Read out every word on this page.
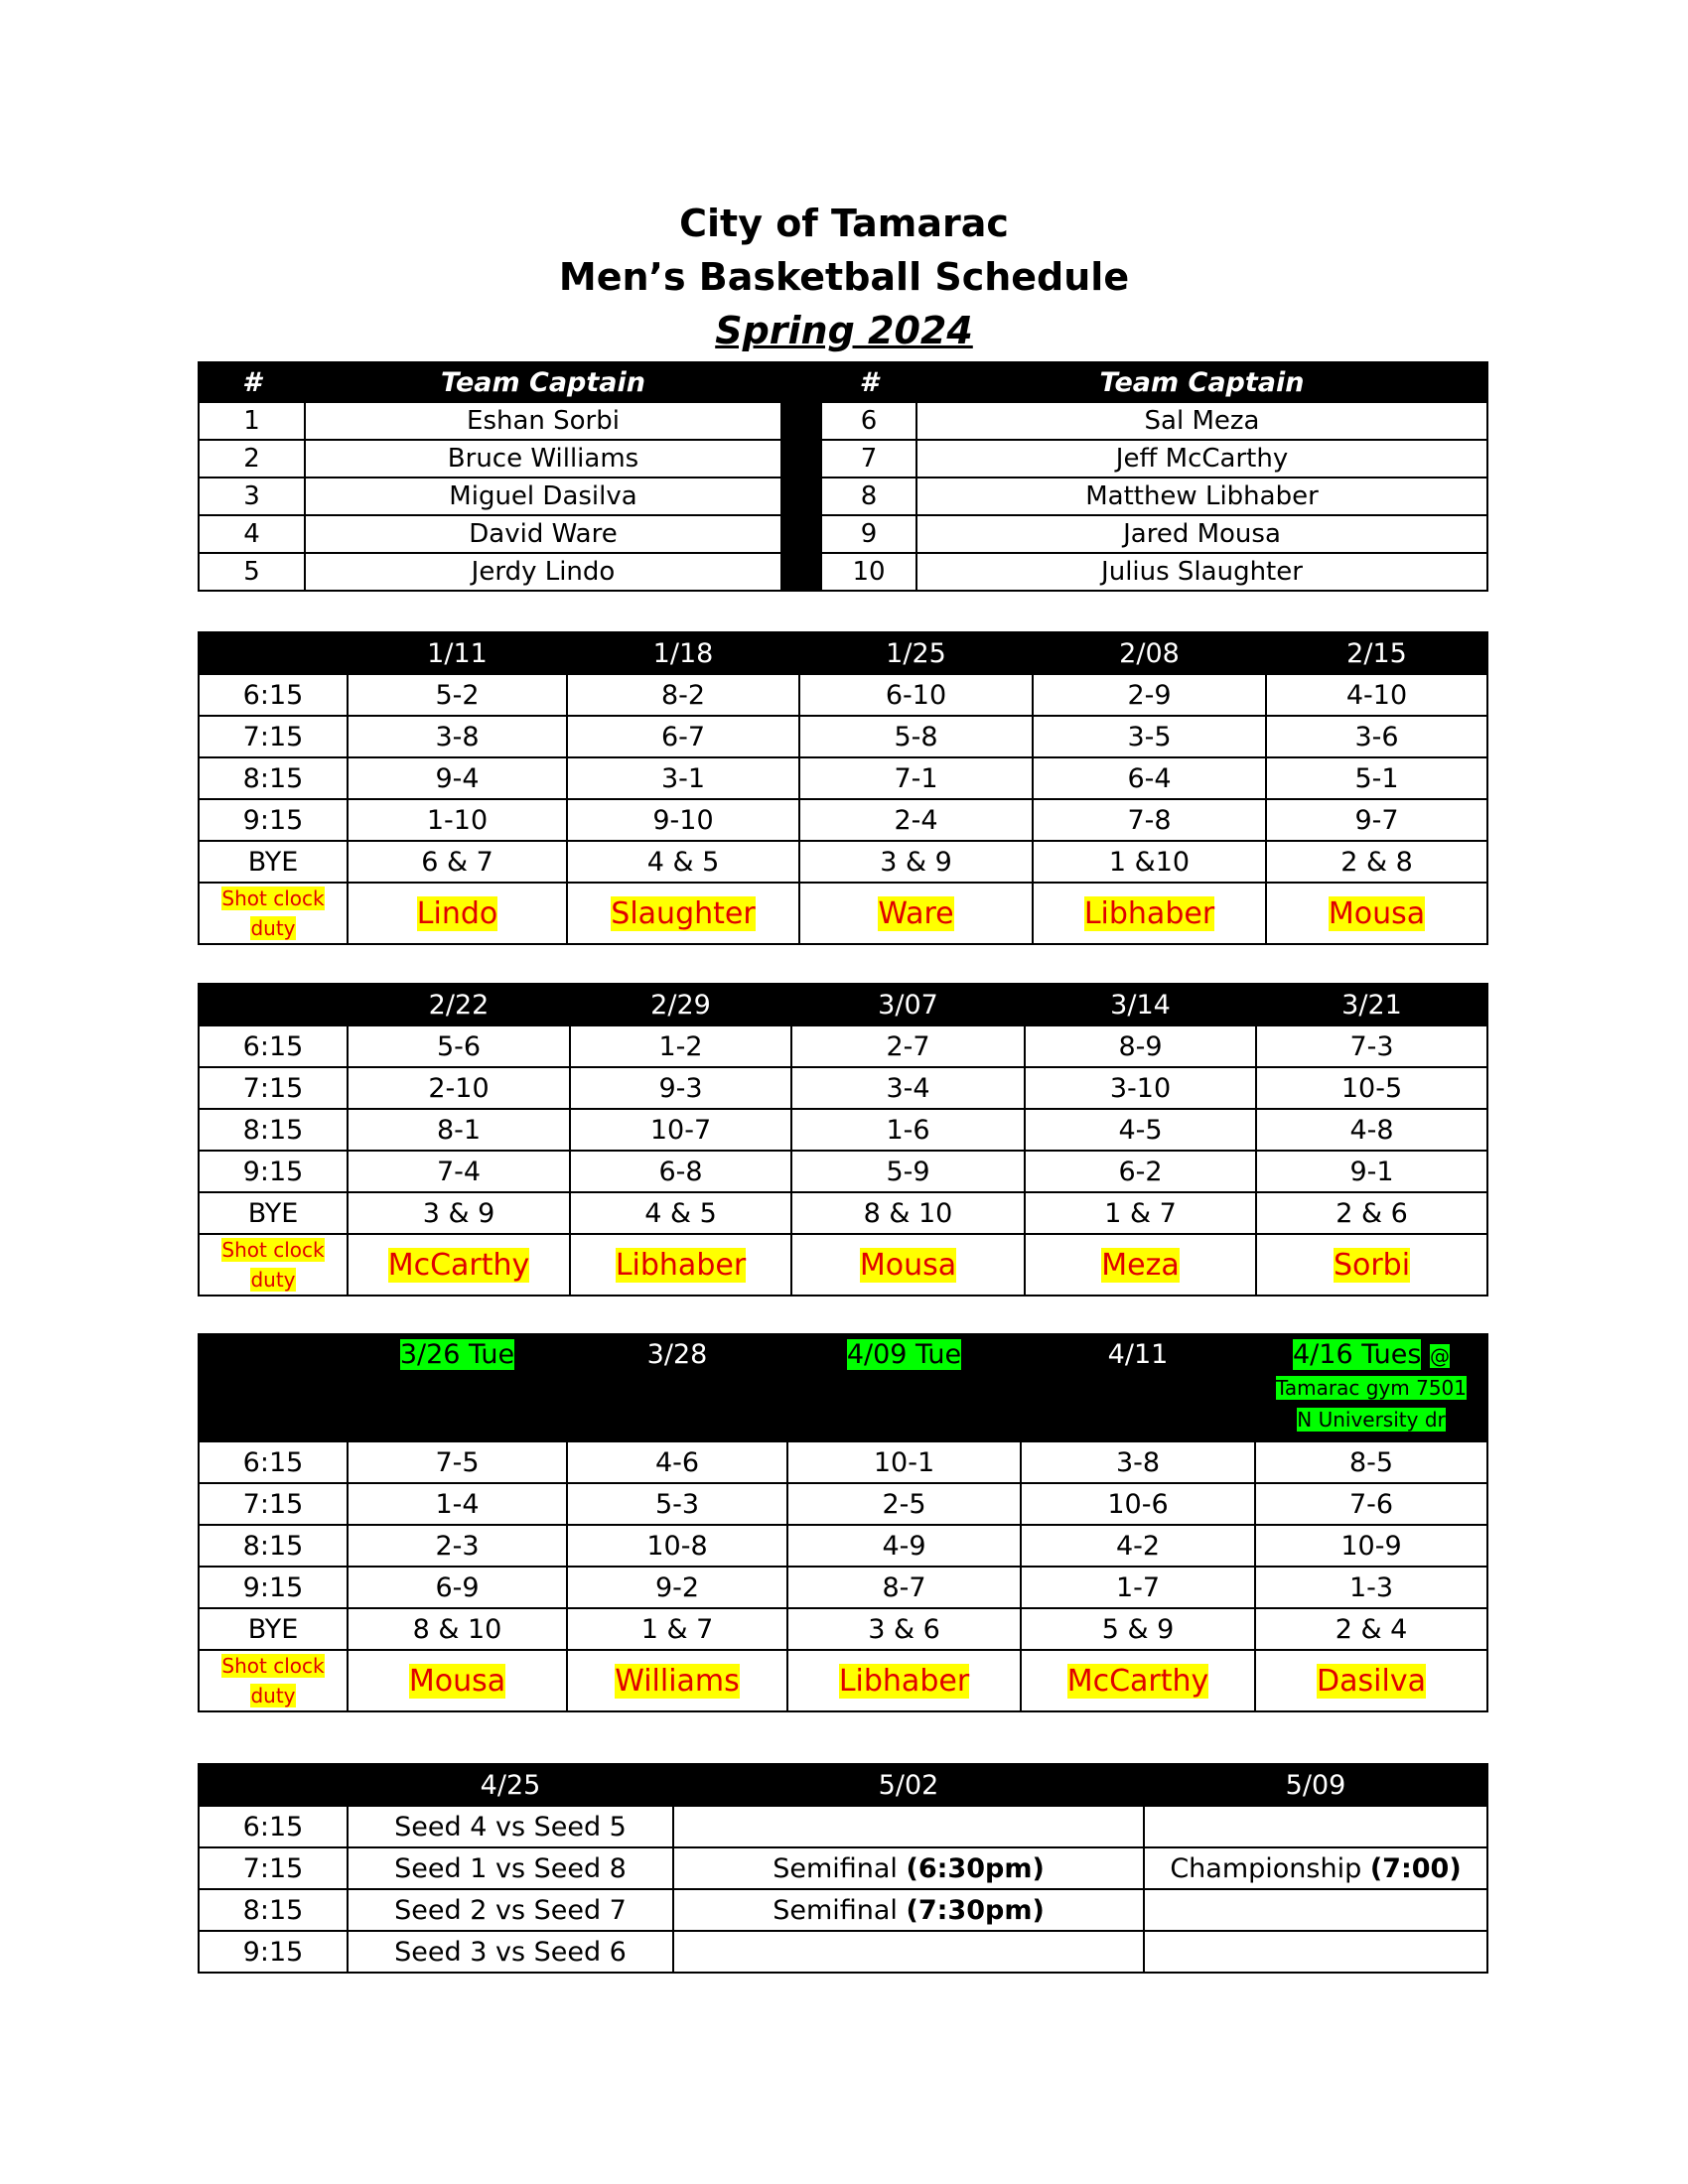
City of Tamarac
Men’s Basketball Schedule
Spring 2024
#	Team Captain		#	Team Captain
1	Eshan Sorbi		6	Sal Meza
2	Bruce Williams		7	Jeff McCarthy
3	Miguel Dasilva		8	Matthew Libhaber
4	David Ware		9	Jared Mousa
5	Jerdy Lindo		10	Julius Slaughter
	1/11	1/18	1/25	2/08	2/15
6:15	5-2	8-2	6-10	2-9	4-10
7:15	3-8	6-7	5-8	3-5	3-6
8:15	9-4	3-1	7-1	6-4	5-1
9:15	1-10	9-10	2-4	7-8	9-7
BYE	6 & 7	4 & 5	3 & 9	1 &10	2 & 8
Shot clock
duty	Lindo	Slaughter	Ware	Libhaber	Mousa
	2/22	2/29	3/07	3/14	3/21
6:15	5-6	1-2	2-7	8-9	7-3
7:15	2-10	9-3	3-4	3-10	10-5
8:15	8-1	10-7	1-6	4-5	4-8
9:15	7-4	6-8	5-9	6-2	9-1
BYE	3 & 9	4 & 5	8 & 10	1 & 7	2 & 6
Shot clock
duty	McCarthy	Libhaber	Mousa	Meza	Sorbi
	3/26 Tue	3/28	4/09 Tue	4/11	4/16 Tues @
Tamarac gym 7501
N University dr
6:15	7-5	4-6	10-1	3-8	8-5
7:15	1-4	5-3	2-5	10-6	7-6
8:15	2-3	10-8	4-9	4-2	10-9
9:15	6-9	9-2	8-7	1-7	1-3
BYE	8 & 10	1 & 7	3 & 6	5 & 9	2 & 4
Shot clock
duty	Mousa	Williams	Libhaber	McCarthy	Dasilva
	4/25	5/02	5/09
6:15	Seed 4 vs Seed 5		
7:15	Seed 1 vs Seed 8	Semifinal (6:30pm)	Championship (7:00)
8:15	Seed 2 vs Seed 7	Semifinal (7:30pm)	
9:15	Seed 3 vs Seed 6		
